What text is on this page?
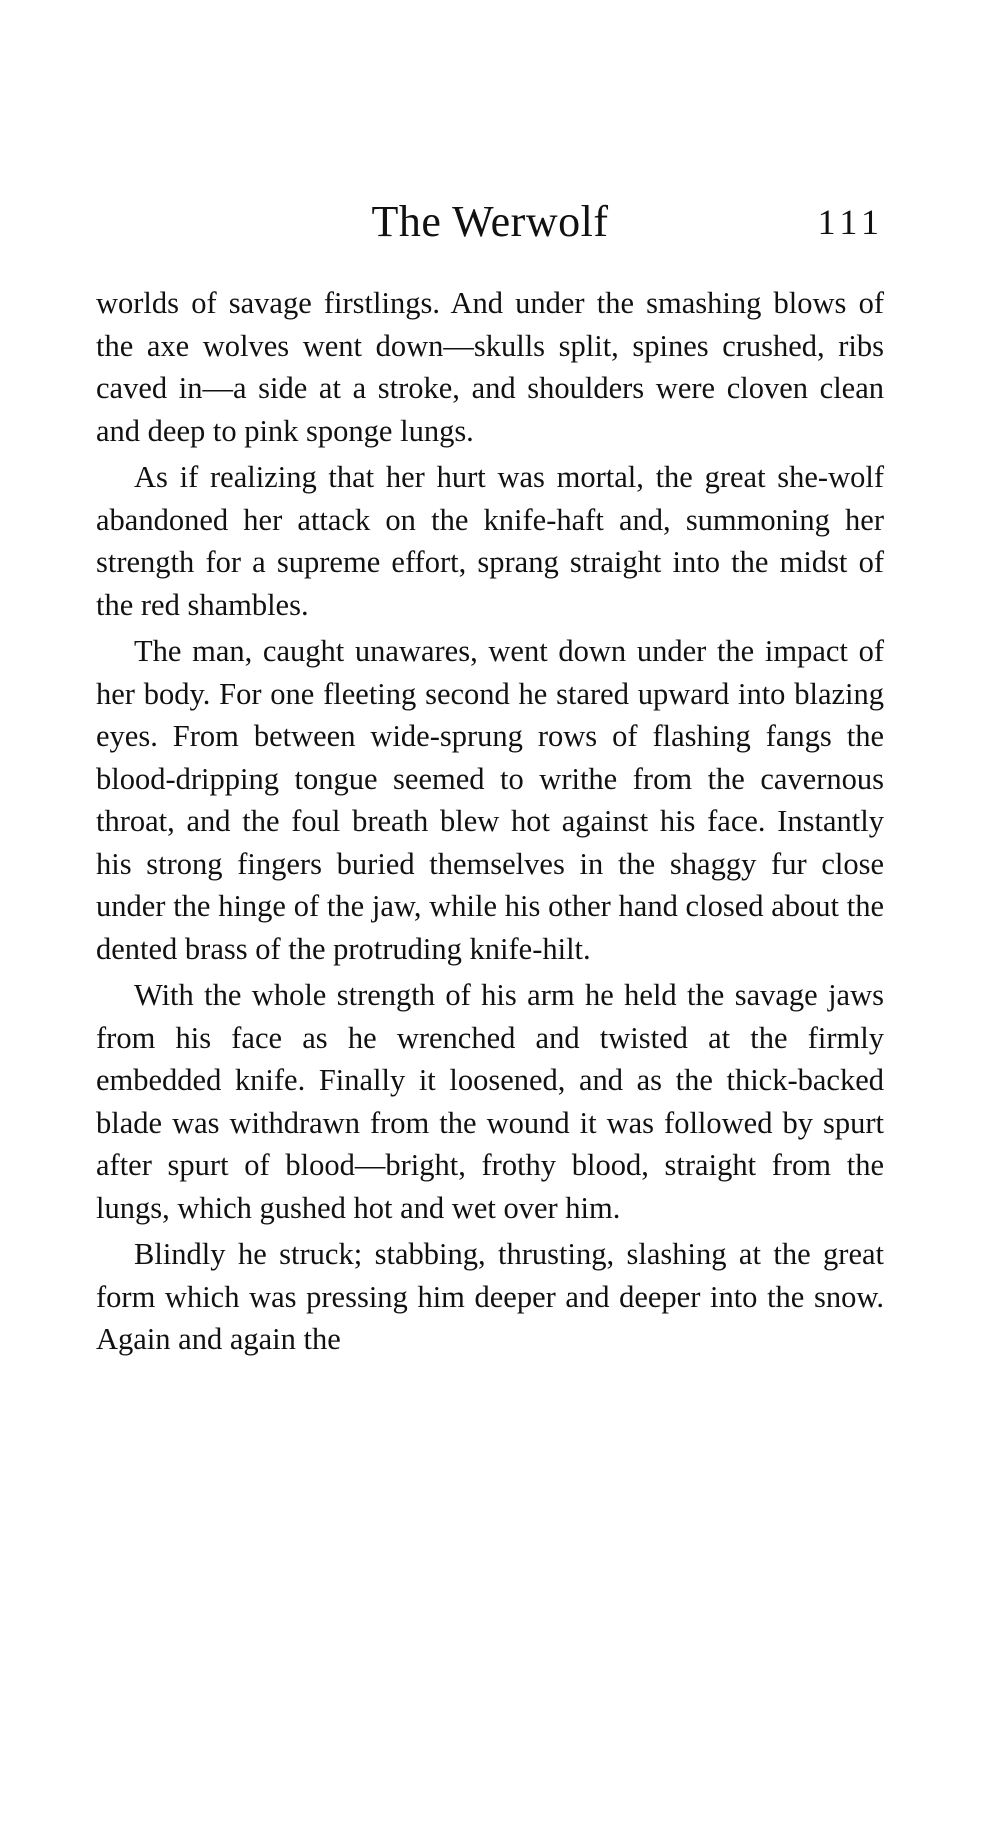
The Werwolf	111

worlds of savage firstlings. And under the smashing blows of the axe wolves went down—skulls split, spines crushed, ribs caved in—a side at a stroke, and shoulders were cloven clean and deep to pink sponge lungs.

As if realizing that her hurt was mortal, the great she-wolf abandoned her attack on the knife-haft and, summoning her strength for a supreme effort, sprang straight into the midst of the red shambles.

The man, caught unawares, went down under the impact of her body. For one fleeting second he stared upward into blazing eyes. From between wide-sprung rows of flashing fangs the blood-dripping tongue seemed to writhe from the cavernous throat, and the foul breath blew hot against his face. Instantly his strong fingers buried themselves in the shaggy fur close under the hinge of the jaw, while his other hand closed about the dented brass of the protruding knife-hilt.

With the whole strength of his arm he held the savage jaws from his face as he wrenched and twisted at the firmly embedded knife. Finally it loosened, and as the thick-backed blade was withdrawn from the wound it was followed by spurt after spurt of blood—bright, frothy blood, straight from the lungs, which gushed hot and wet over him.

Blindly he struck; stabbing, thrusting, slashing at the great form which was pressing him deeper and deeper into the snow. Again and again the
